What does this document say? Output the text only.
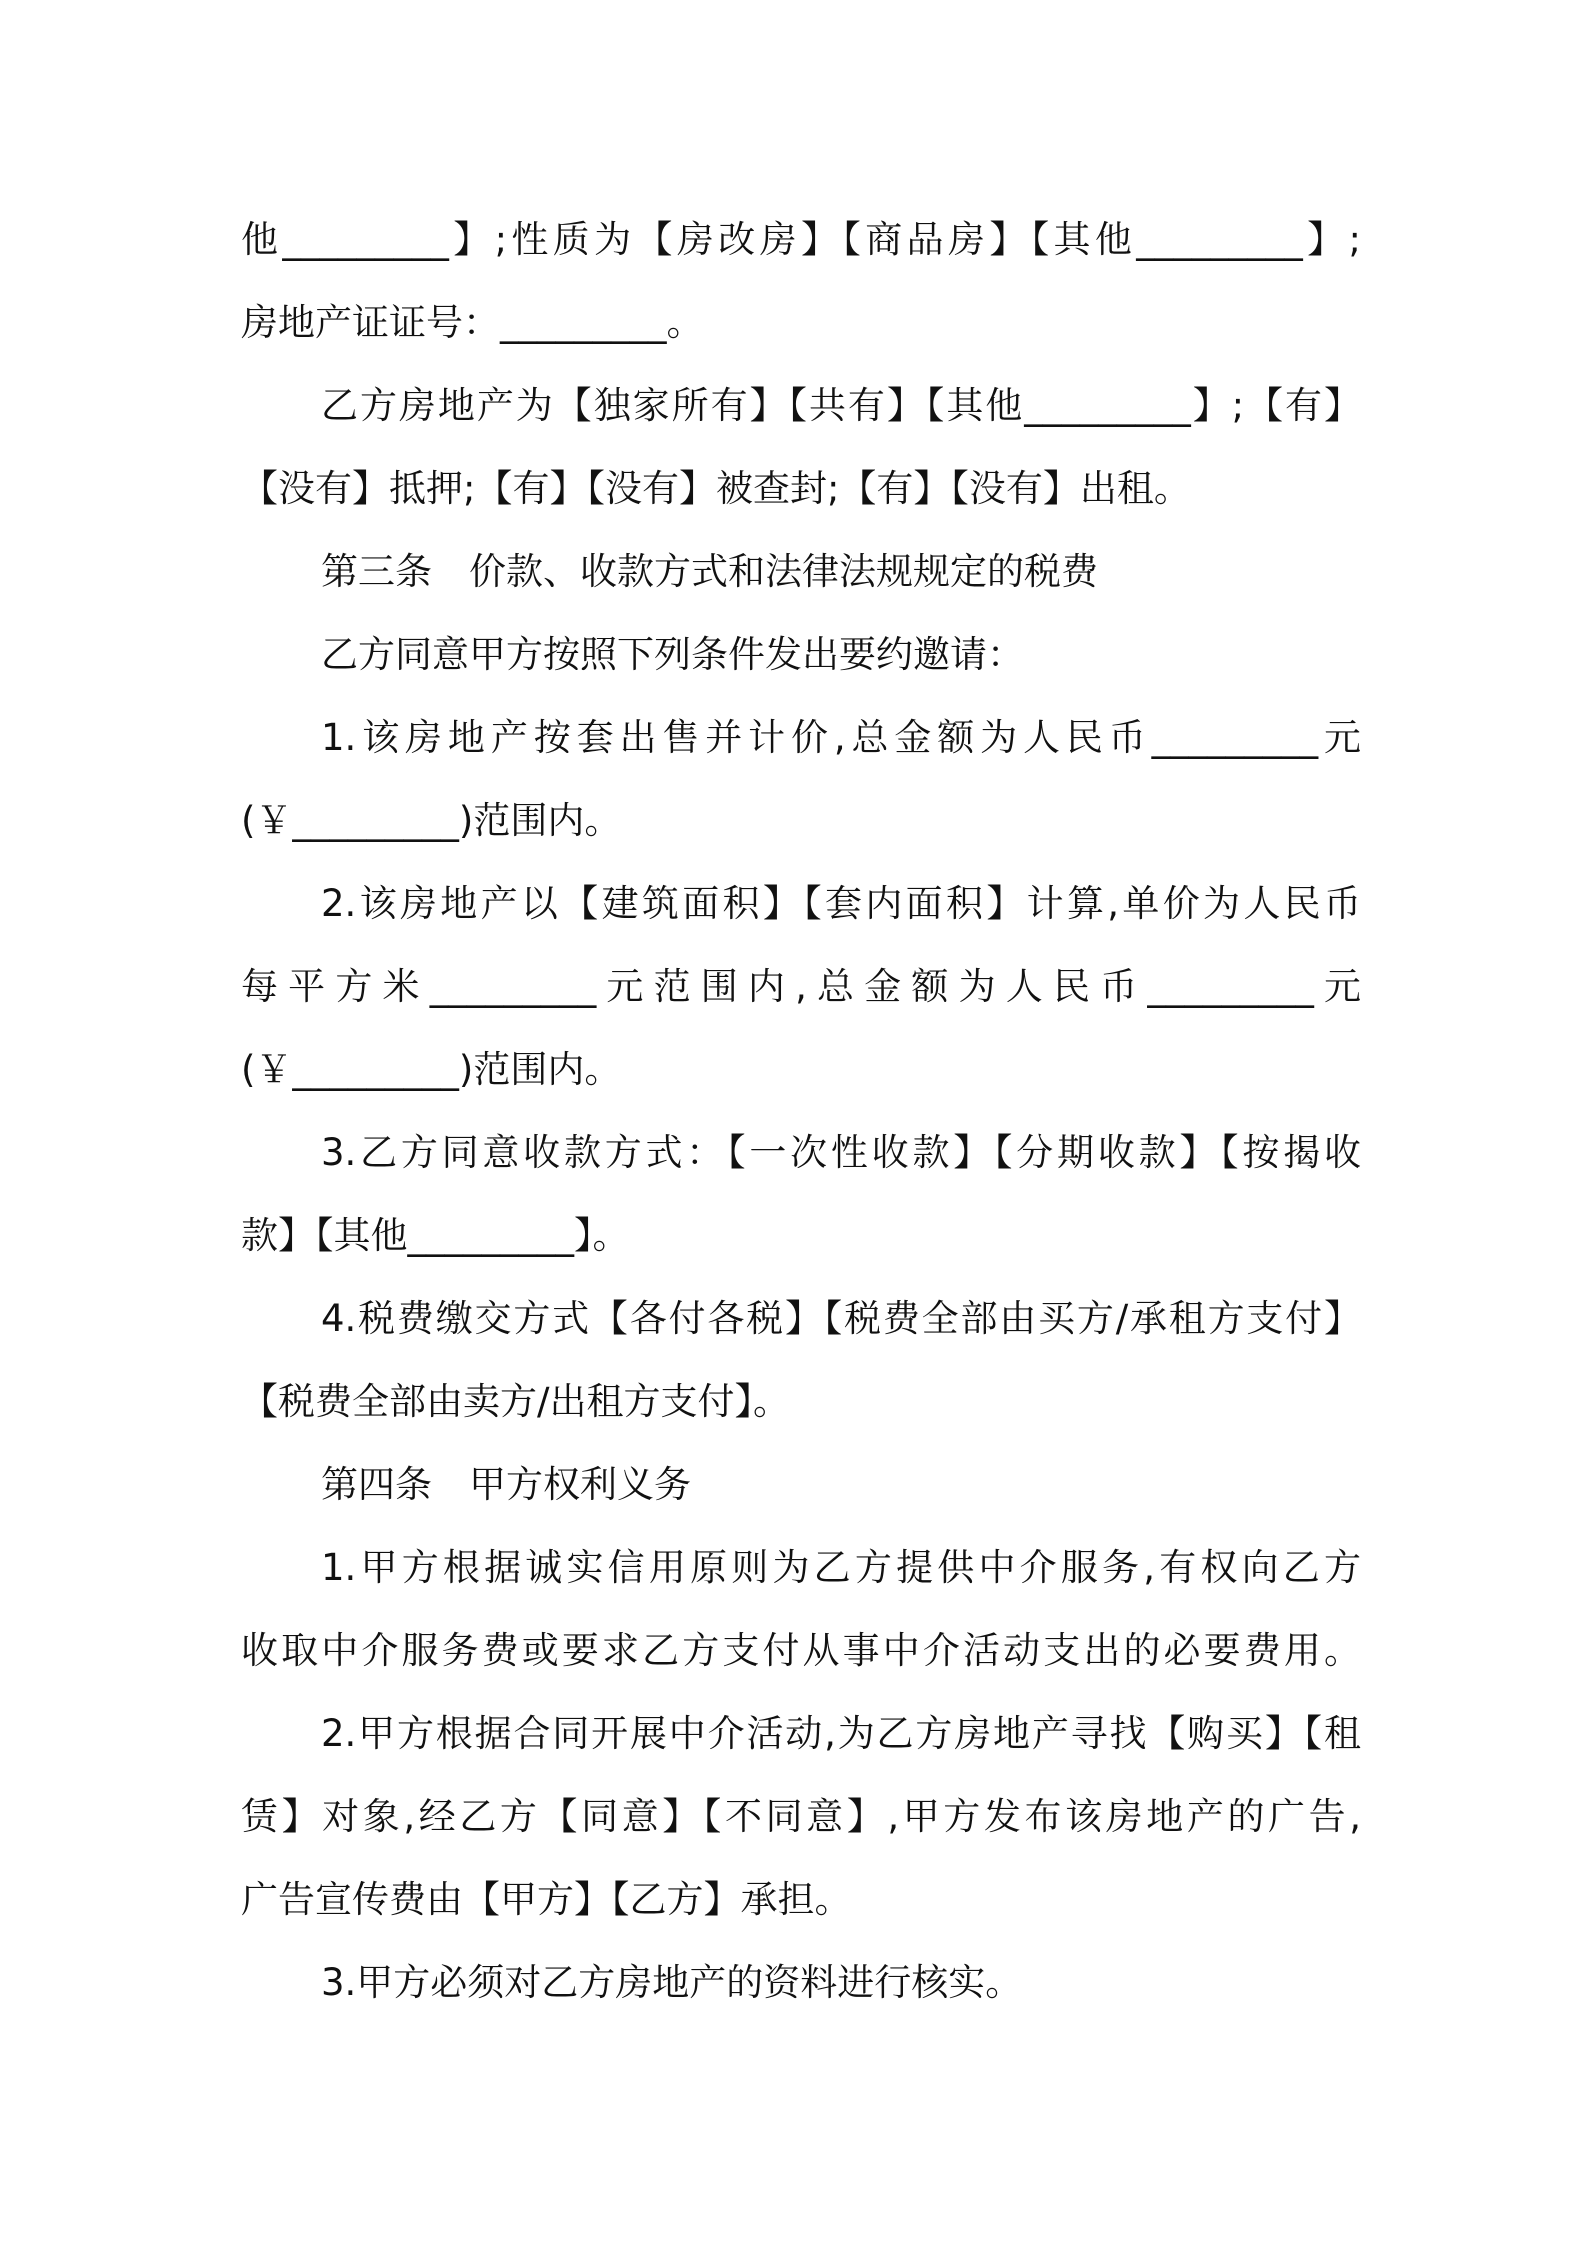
他_________】;性质为【房改房】【商品房】【其他_________】;
房地产证证号：_________。
乙方房地产为【独家所有】【共有】【其他_________】;【有】
【没有】抵押;【有】【没有】被查封;【有】【没有】出租。
第三条　价款、收款方式和法律法规规定的税费
乙方同意甲方按照下列条件发出要约邀请：
1.该房地产按套出售并计价,总金额为人民币_________元
(￥_________)范围内。
2.该房地产以【建筑面积】【套内面积】计算,单价为人民币
每平方米_________元范围内,总金额为人民币_________元
(￥_________)范围内。
3.乙方同意收款方式：【一次性收款】【分期收款】【按揭收
款】【其他_________】。
4.税费缴交方式【各付各税】【税费全部由买方/承租方支付】
【税费全部由卖方/出租方支付】。
第四条　甲方权利义务
1.甲方根据诚实信用原则为乙方提供中介服务,有权向乙方
收取中介服务费或要求乙方支付从事中介活动支出的必要费用。
2.甲方根据合同开展中介活动,为乙方房地产寻找【购买】【租
赁】对象,经乙方【同意】【不同意】,甲方发布该房地产的广告,
广告宣传费由【甲方】【乙方】承担。
3.甲方必须对乙方房地产的资料进行核实。
